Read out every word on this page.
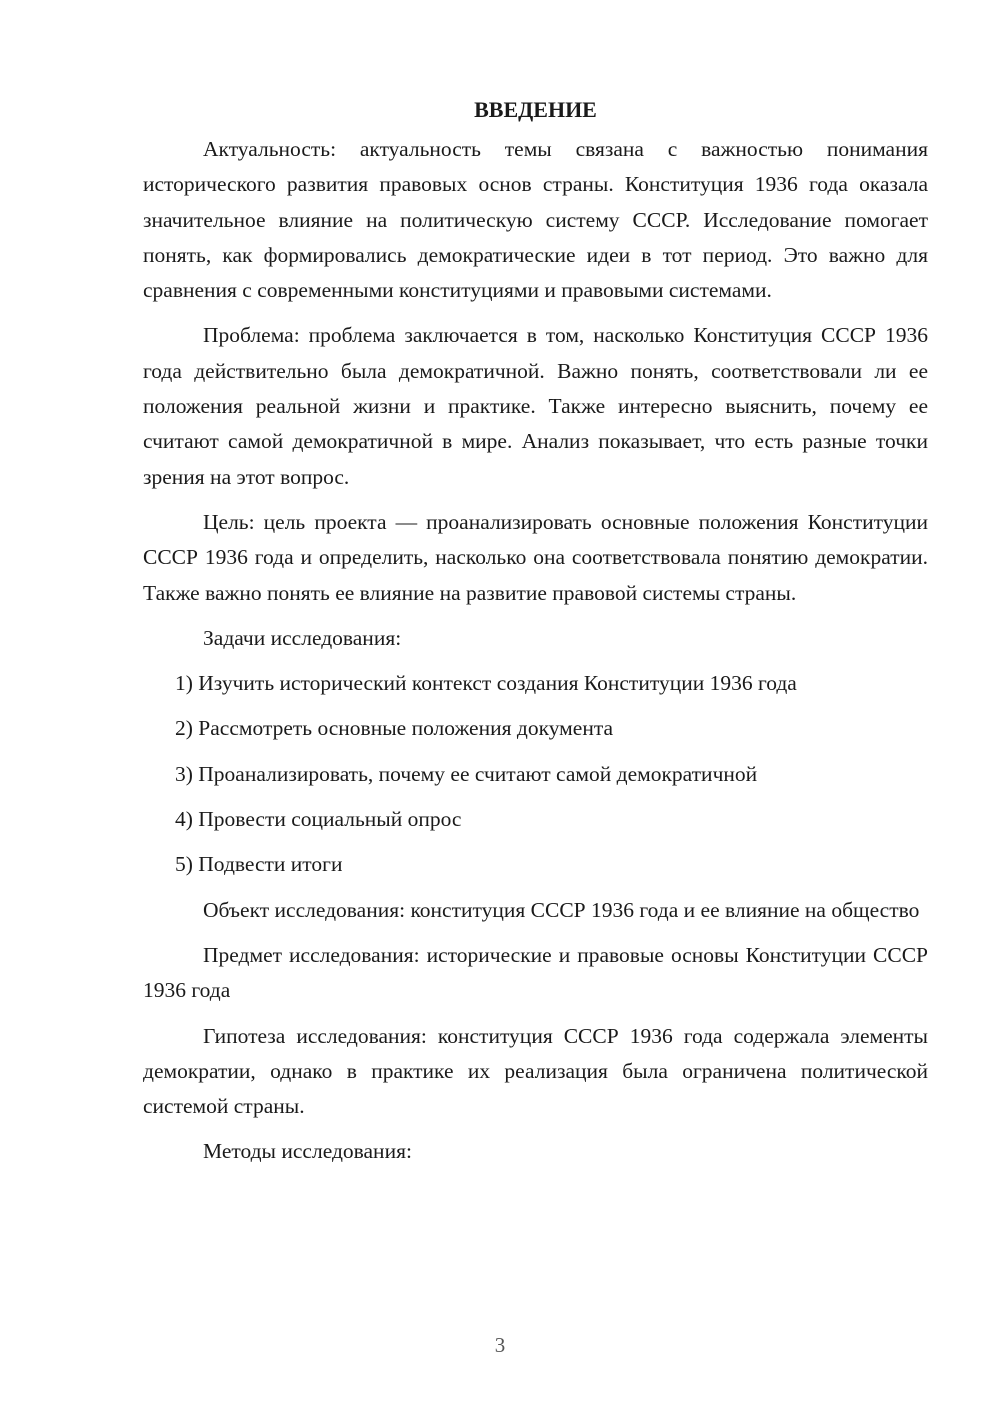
ВВЕДЕНИЕ

Актуальность: актуальность темы связана с важностью понимания исторического развития правовых основ страны. Конституция 1936 года оказала значительное влияние на политическую систему СССР. Исследование помогает понять, как формировались демократические идеи в тот период. Это важно для сравнения с современными конституциями и правовыми системами.

Проблема: проблема заключается в том, насколько Конституция СССР 1936 года действительно была демократичной. Важно понять, соответствовали ли ее положения реальной жизни и практике. Также интересно выяснить, почему ее считают самой демократичной в мире. Анализ показывает, что есть разные точки зрения на этот вопрос.

Цель: цель проекта — проанализировать основные положения Конституции СССР 1936 года и определить, насколько она соответствовала понятию демократии. Также важно понять ее влияние на развитие правовой системы страны.

Задачи исследования:

1) Изучить исторический контекст создания Конституции 1936 года
2) Рассмотреть основные положения документа
3) Проанализировать, почему ее считают самой демократичной
4) Провести социальный опрос
5) Подвести итоги

Объект исследования: конституция СССР 1936 года и ее влияние на общество

Предмет исследования: исторические и правовые основы Конституции СССР 1936 года

Гипотеза исследования: конституция СССР 1936 года содержала элементы демократии, однако в практике их реализация была ограничена политической системой страны.

Методы исследования:

3
